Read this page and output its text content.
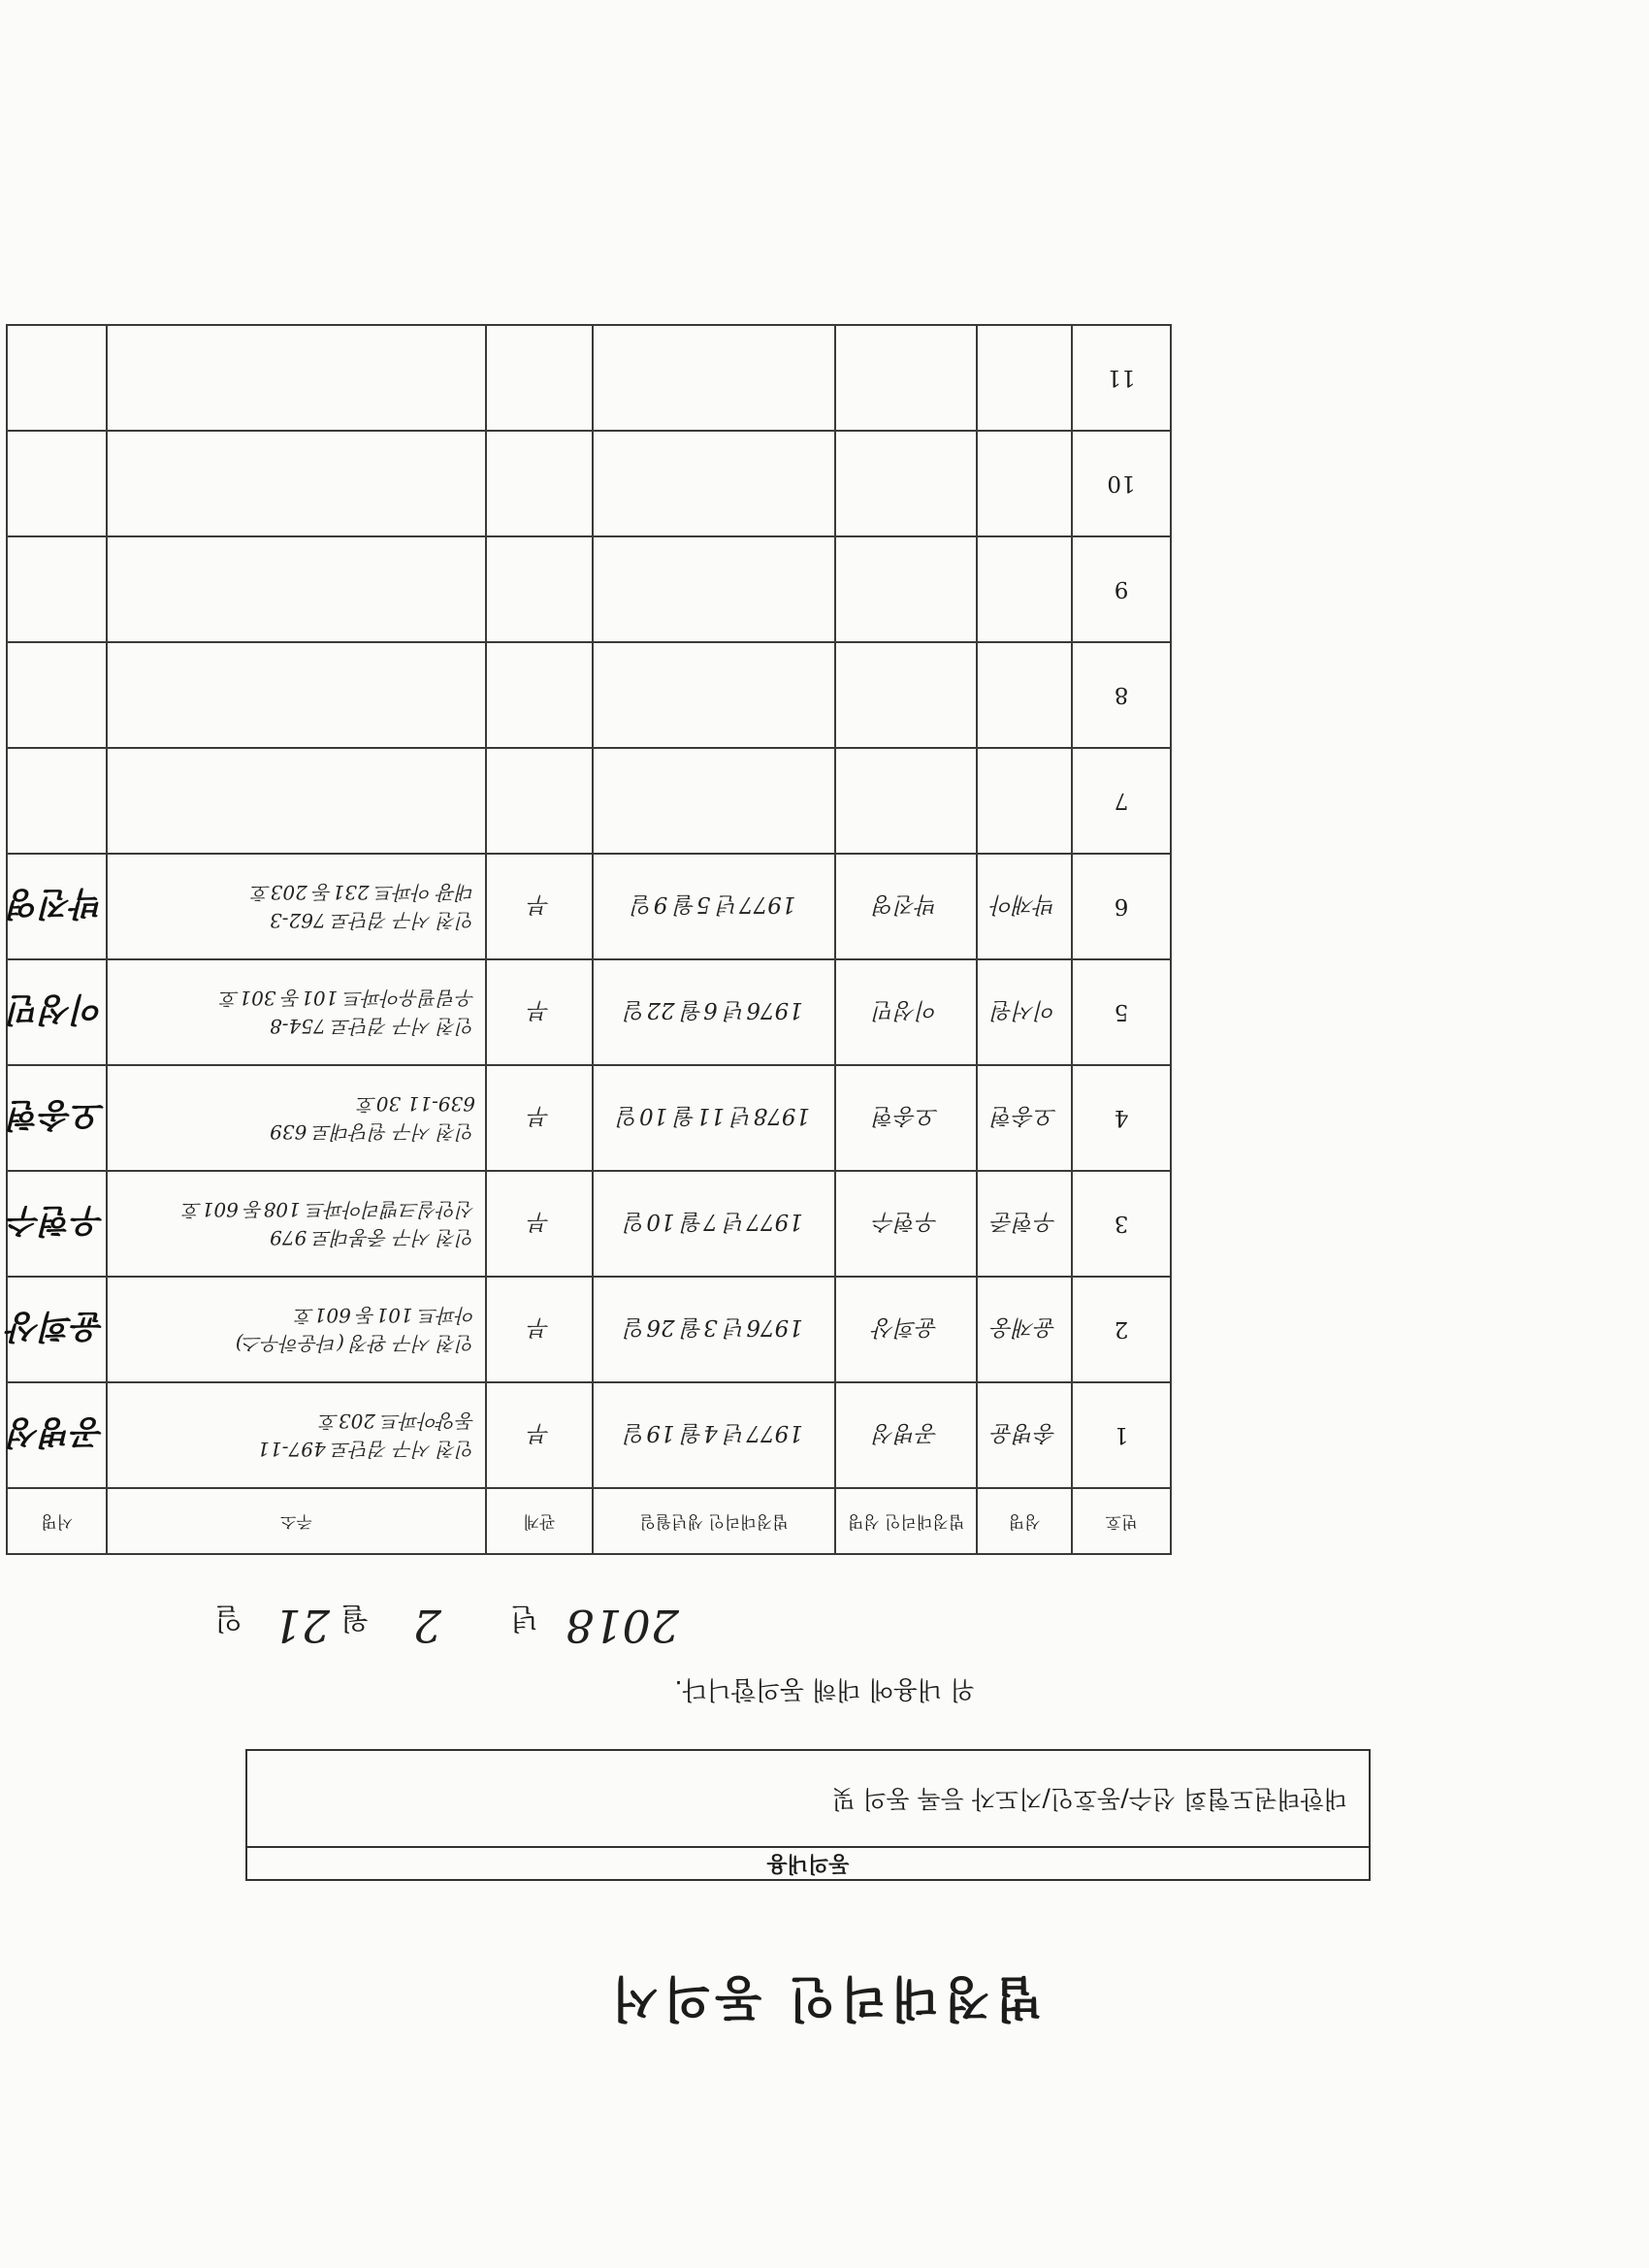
법정대리인 동의서
동의내용
대한태권도협회 선수/동호인/지도자 등록 동의 및
위 내용에 대해 동의합니다.
2018
년
2
월
21
일
번호	성명	법정대리인 성명	법정대리인 생년월일	관계	주소	서명
1	송병윤	공병성	1977년 4월 19일	부	인천 서구 검단로 497-11
동양아파트 203호	공병성
2	윤재웅	윤희상	1976년 3월 26일	부	인천 서구 완정 (타운하우스)
아파트 101동 601호	윤희상
3	우현준	우현수	1977년 7월 10일	부	인천 서구 중봉대로 979
신안실크밸리아파트 108동 601호	우현수
4	오송현	오송현	1978년 11월 10일	부	인천 서구 원당대로 639
639-11 30호	오송현
5	이서원	이성민	1976년 6월 22일	부	인천 서구 검단로 754-8
우림필유아파트 101동 301호	이성민
6	박재아	박진영	1977년 5월 9일	부	인천 서구 검단로 762-3
대광 아파트 231동 203호	박진영
7					

8					

9					

10					

11					
